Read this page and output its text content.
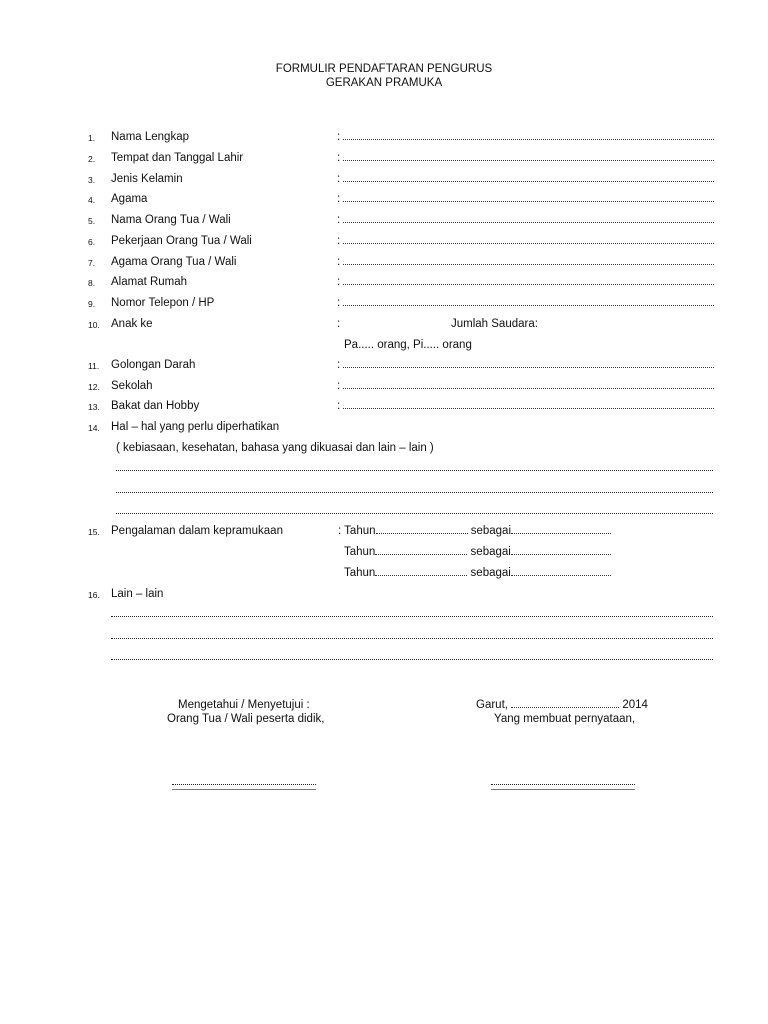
FORMULIR PENDAFTARAN PENGURUS
GERAKAN PRAMUKA
1. Nama Lengkap	:
2. Tempat dan Tanggal Lahir	:
3. Jenis Kelamin	:
4. Agama	:
5. Nama Orang Tua / Wali	:
6. Pekerjaan Orang Tua / Wali	:
7. Agama Orang Tua / Wali	:
8. Alamat Rumah	:
9. Nomor Telepon / HP	:
10. Anak ke	:	Jumlah Saudara:
Pa..... orang, Pi..... orang
11. Golongan Darah	:
12. Sekolah	:
13. Bakat dan Hobby	:
14. Hal – hal yang perlu diperhatikan
( kebiasaan, kesehatan, bahasa yang dikuasai dan lain – lain )
15. Pengalaman dalam kepramukaan	: Tahun	sebagai
Tahun	sebagai
Tahun	sebagai
16. Lain – lain
Mengetahui / Menyetujui :
Orang Tua / Wali peserta didik,
Garut,	2014
Yang membuat pernyataan,
